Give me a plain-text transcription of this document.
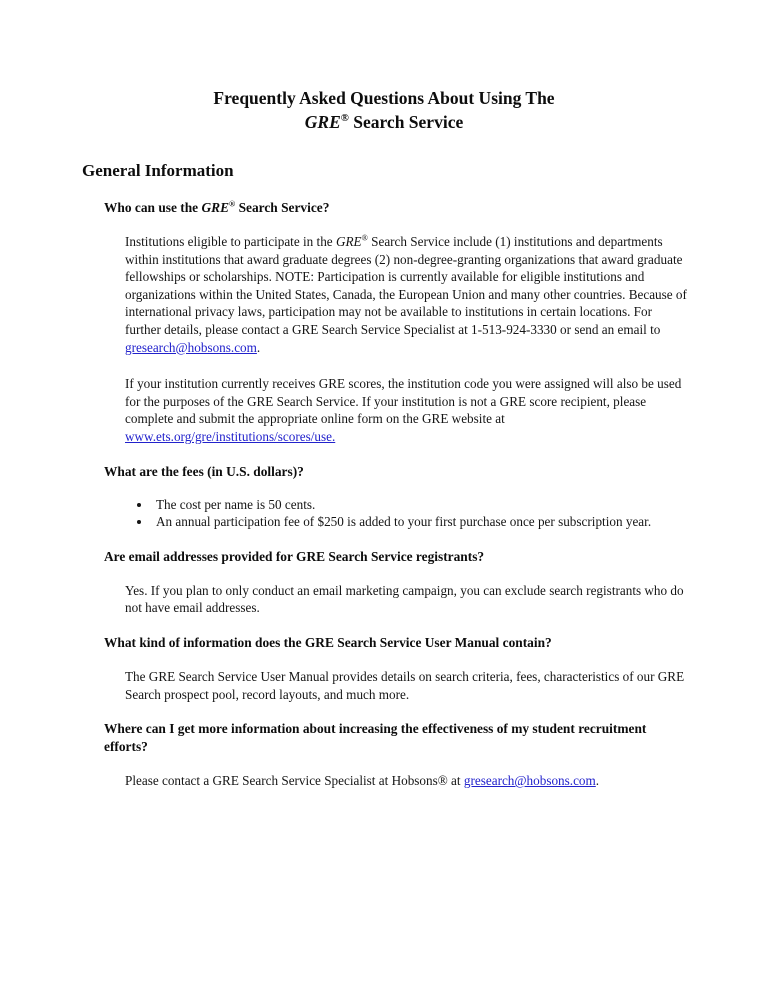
Frequently Asked Questions About Using The
GRE® Search Service
General Information
Who can use the GRE® Search Service?

Institutions eligible to participate in the GRE® Search Service include (1) institutions and departments within institutions that award graduate degrees (2) non-degree-granting organizations that award graduate fellowships or scholarships. NOTE: Participation is currently available for eligible institutions and organizations within the United States, Canada, the European Union and many other countries. Because of international privacy laws, participation may not be available to institutions in certain locations. For further details, please contact a GRE Search Service Specialist at 1-513-924-3330 or send an email to gresearch@hobsons.com.

If your institution currently receives GRE scores, the institution code you were assigned will also be used for the purposes of the GRE Search Service. If your institution is not a GRE score recipient, please complete and submit the appropriate online form on the GRE website at www.ets.org/gre/institutions/scores/use.

What are the fees (in U.S. dollars)?
• The cost per name is 50 cents.
• An annual participation fee of $250 is added to your first purchase once per subscription year.
Are email addresses provided for GRE Search Service registrants?

Yes. If you plan to only conduct an email marketing campaign, you can exclude search registrants who do not have email addresses.

What kind of information does the GRE Search Service User Manual contain?

The GRE Search Service User Manual provides details on search criteria, fees, characteristics of our GRE Search prospect pool, record layouts, and much more.

Where can I get more information about increasing the effectiveness of my student recruitment efforts?

Please contact a GRE Search Service Specialist at Hobsons® at gresearch@hobsons.com.
